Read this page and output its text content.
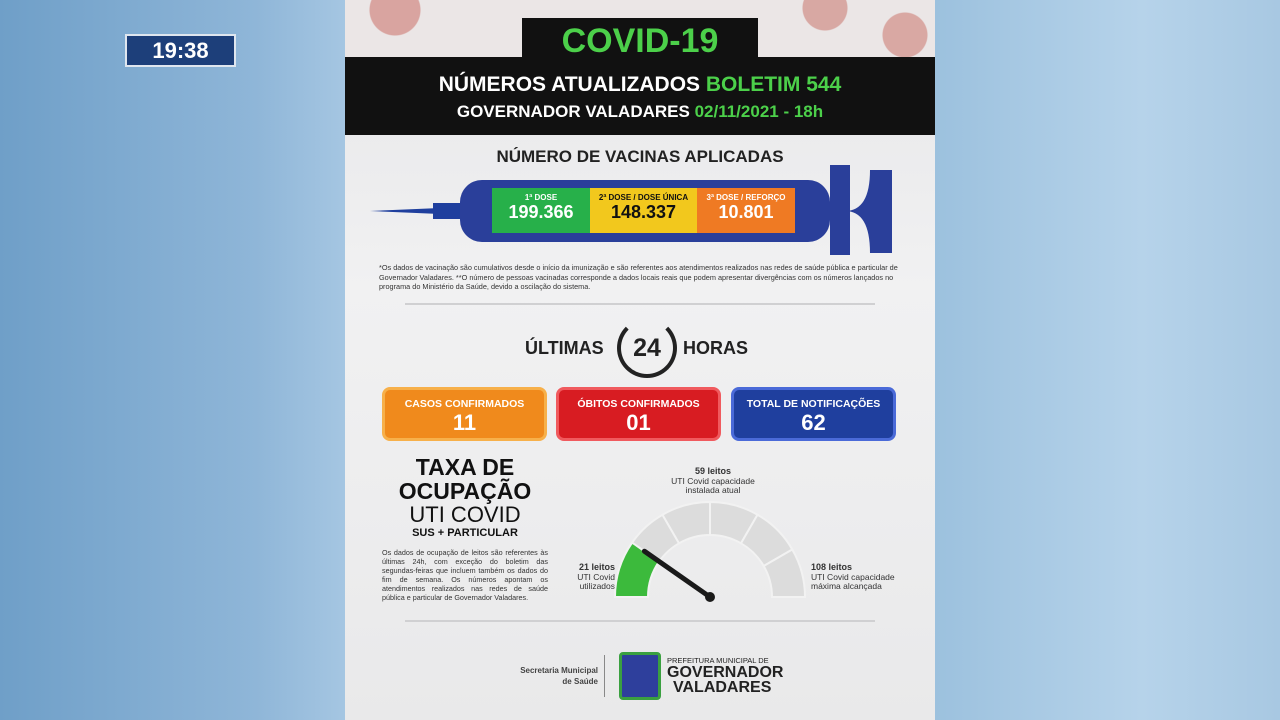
19:38
NÚMEROS ATUALIZADOS BOLETIM 544
GOVERNADOR VALADARES 02/11/2021 - 18h
COVID-19
NÚMERO DE VACINAS APLICADAS
1ª DOSE
199.366
2ª DOSE / DOSE ÚNICA
148.337
3ª DOSE / REFORÇO
10.801
*Os dados de vacinação são cumulativos desde o início da imunização e são referentes aos atendimentos realizados nas redes de saúde pública e particular de Governador Valadares. **O número de pessoas vacinadas corresponde a dados locais reais que podem apresentar divergências com os números lançados no programa do Ministério da Saúde, devido a oscilação do sistema.
ÚLTIMAS	24	HORAS
CASOS CONFIRMADOS
11
ÓBITOS CONFIRMADOS
01
TOTAL DE NOTIFICAÇÕES
62
TAXA DE
OCUPAÇÃO
UTI COVID
SUS + PARTICULAR
Os dados de ocupação de leitos são referentes às últimas 24h, com exceção do boletim das segundas-feiras que incluem também os dados do fim de semana. Os números apontam os atendimentos realizados nas redes de saúde pública e particular de Governador Valadares.
59 leitos
UTI Covid capacidade instalada atual
21 leitos
UTI Covid utilizados
108 leitos
UTI Covid capacidade máxima alcançada
Secretaria Municipal de Saúde
PREFEITURA MUNICIPAL DE
GOVERNADOR
VALADARES
